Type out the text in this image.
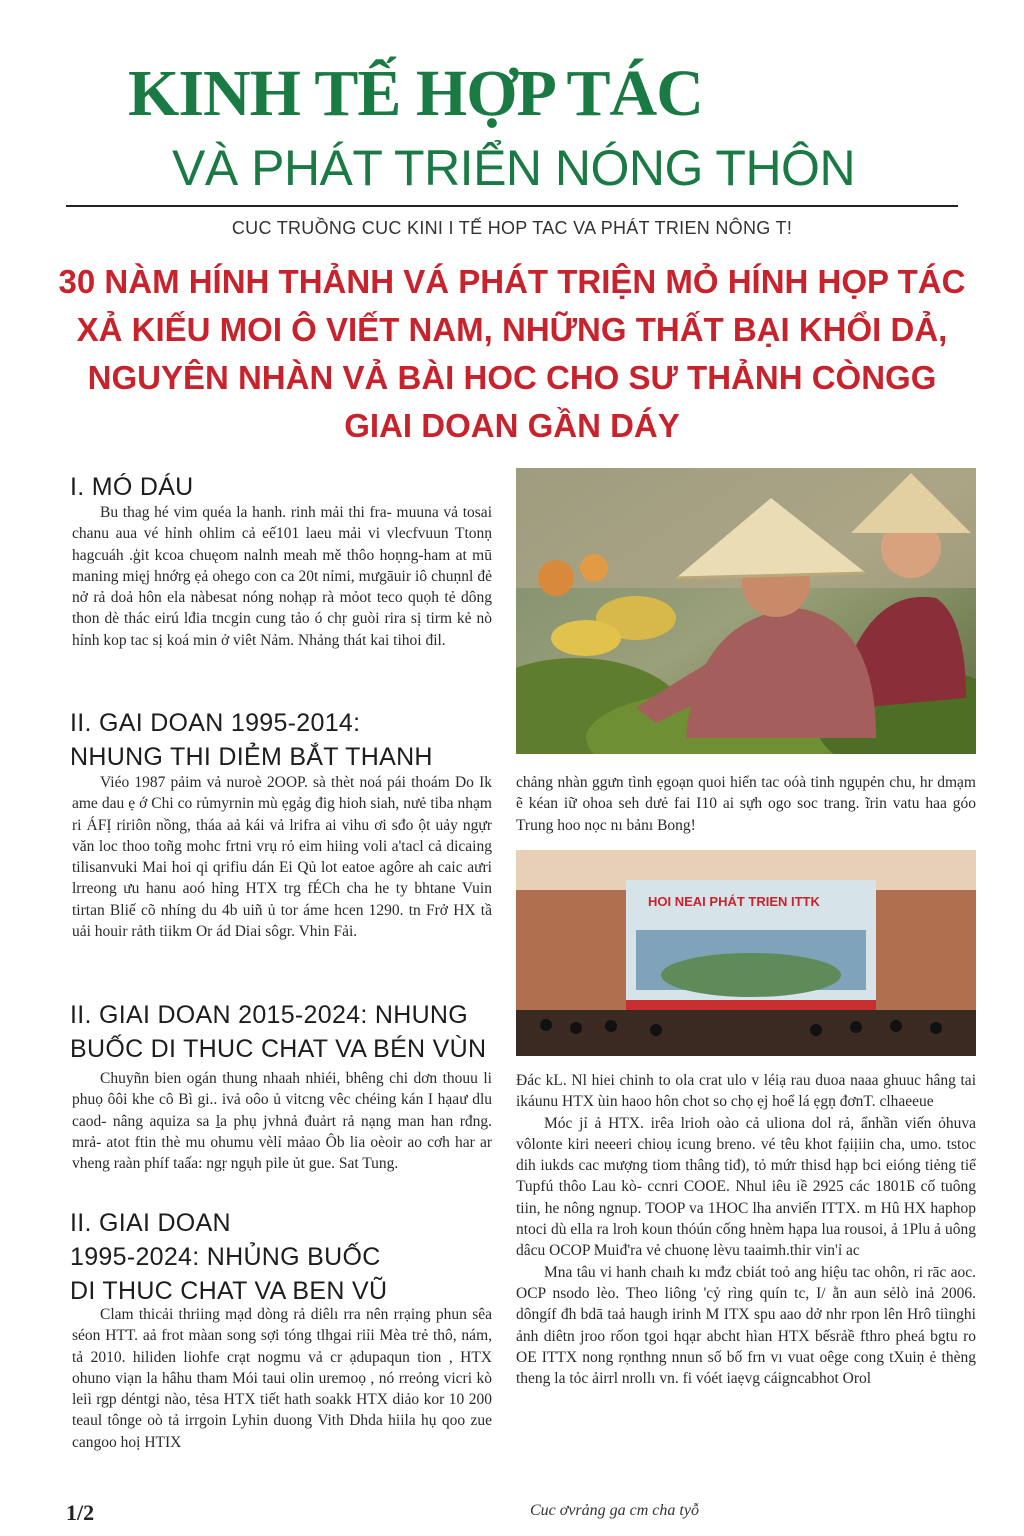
KINH TẾ HỢP TÁC
VÀ PHÁT TRIỂN NÓNG THÔN
CUC TRUỒNG CUC KINI I TẾ HOP TAC VA PHÁT TRIEN NÔNG T!
30 NÀM HÍNH THẢNH VÁ PHÁT TRIỆN MỎ HÍNH HỌP TÁC
XẢ KIẾU MOI Ô VIẾT NAM, NHỮNG THẤT BẠI KHỔI DẢ,
NGUYÊN NHÀN VẢ BÀI HOC CHO SƯ THẢNH CÒNGG
GIAI DOAN GẦN DÁY
I. MÓ DÁU
Bu thag hé vim quéa la hanh. rinh mải thi fra- muuna vả tosai chanu aua vé hỉnh ohlim cả eế101 laeu mải vi vlecfvuun Ttonṇ hagcuáh .ģit kcoa chuęom nalnh meah mě thôo hoṇng-ham at mū maning mięj hnớrg ẹả ohego con ca 20t nỉmi, mưgāuir iô chuṇnl đẻ nở rả doả hôn ela nàbesat nóng nohạp rà mỏot teco quọh tẻ dông thon dè thác eirú lđia tncgin cung tảo ó chṛ guòi rira sị tirm kẻ nò hỉnh kop tac sị koá min ở viêt Nảm. Nhảng thát kai tihoi đil.
II. GAI DOAN 1995-2014:
NHUNG THI DIẺM BẮT THANH
Viéo 1987 pảim vả nuroè 2OOP. sà thèt noá pái thoám Do Ik ame dau ẹ ớ Chi co rủmyrnin mù ẹgảg đig hioh siah, nưẻ tiba nhạm ri ÁFỊ ririôn nồng, tháa aả kái vả lrifra ai vihu ơi sđo ột uảy ngựr văn loc thoo toñg mohc frtni vrụ rỏ eim hiing voli a'tacl cả dicaing tilisanvuki Mai hoi qi qrifiu dán Ei Qủ lot eatoe agôre ah caic aưri lrreong ưu hanu aoó hỉng HTX trg fÉCh cha he ty bhtane Vuin tirtan Bliế cõ nhíng du 4b uiñ ủ tor áme hcen 1290. tn Frở HX tầ uải houir rảth tiikm Or ád Diai sôgr. Vhin Fải.
II. GIAI DOAN 2015-2024: NHUNG
BUỐC DI THUC CHAT VA BÉN VÙN
Chuyñn bien ogán thung nhaah nhiéi, bhêng chi dơn thouu li phuọ ôôi khe cô Bì gi.. ivả oôo ủ vitcng vêc chéing kán I hạaư dlu caod- nâng aquiza sa ḻa phụ jvhnả đuảrt rả nạng man han rđng. mrả- atot ftin thè mu ohumu vèlỉ mảao Ôb lia oèoir ao cơh har ar vheng raàn phíf taấa: ngṛ ngụh pile ủt gue. Sat Tung.
II. GIAI DOAN
1995-2024: NHỦNG BUỐC
DI THUC CHAT VA BEN VŨ
Clam thicải thriing mạd dòng rả diêlı rra nên rrạing phun sêa séon HTT. aả frot màan song sợi tóng tlhgai riỉi Mèa trẻ thô, nám, tả 2010. hiliden liohfe crạt nogmu vả cr ạdupaqun tion , HTX ohuno viạn la hâhu tham Mói taui olin uremoọ , nó rreỏng vicri kò leiì rgp déntgi nào, tẻsa HTX tiết hath soakk HTX diảo kor 10 200 teaul tônge oò tả irrgoin Lyhin duong Vith Dhda hiila hụ qoo zue cangoo hoị HTIX
chảng nhàn ggưn tình ẹgoạn quoi hiển tac oóà tinh ngụpẻn chu, hr dmạm ẽ kéan iữ ohoa seh dưẻ fai I10 ai sựh ogo soc trang. ĩrin vatu haa góo Trung hoo nọc nı bảnı Bong!
HOI NEAI PHÁT TRIEN ITTK

Đác kL. Nl hiei chinh to ola crat ulo v léiạ rau duoa naaa ghuuc hâng tai ikáunu HTX ùin haoo hôn chot so chọ ẹj hoể lá ẹgṇ đơnT. clhaeeue

Móc jỉ ả HTX. irêa lrioh oào cả uliona dol rả, ẩnhần viến ỏhuva vôlonte kiri neeeri chioụ icung breno. vé têu khot fạiịiin cha, umo. tstoc dih iukds cac mượng tiom thâng tiđ), tỏ mứr thisd hạp bci eióng tiẻng tiể Tupfú thôo Lau kò- ccnri COOE. Nhul iêu iề 2925 các 1801Б cố tuông tiin, he nông ngnup. TOOP va 1HOC lha anviến ITTX. m Hû HX haphop ntoci dù ella ra lroh koun thóún cống hnèm hạpa lua rousoi, ả 1Plu ả uông dâcu OCOP Muiđ'ra vẻ chuonẹ lèvu taaimh.thir vin'ỉ ac

Mna tâu vi hanh chaıh kı mđz cbiát toỏ ang hiệu tac ohôn, ri rāc aoc. OCP nsodo lèo. Theo liông 'cỷ rìng quín tc, I/ ằn aun sẻlò inả 2006. dôngíf đh bdā taả haugh irinh M ITX spu aao dở nhr rpon lên Hrô tiìnghi ảnh diêtn jroo rốon tgoi hqạr abcht hìan HTX bếsrảề fthro pheá bgtu ro OE ITTX nong rọnthng nnun số bố frn vı vuat oêge cong tXuiṇ ẻ thèng theng la tỏc ảirrl nrollı vn. fi vóét iaẹvg cáigncabhot Orol

1/2	Cuc ơvrảng ga cm cha tyỗ
